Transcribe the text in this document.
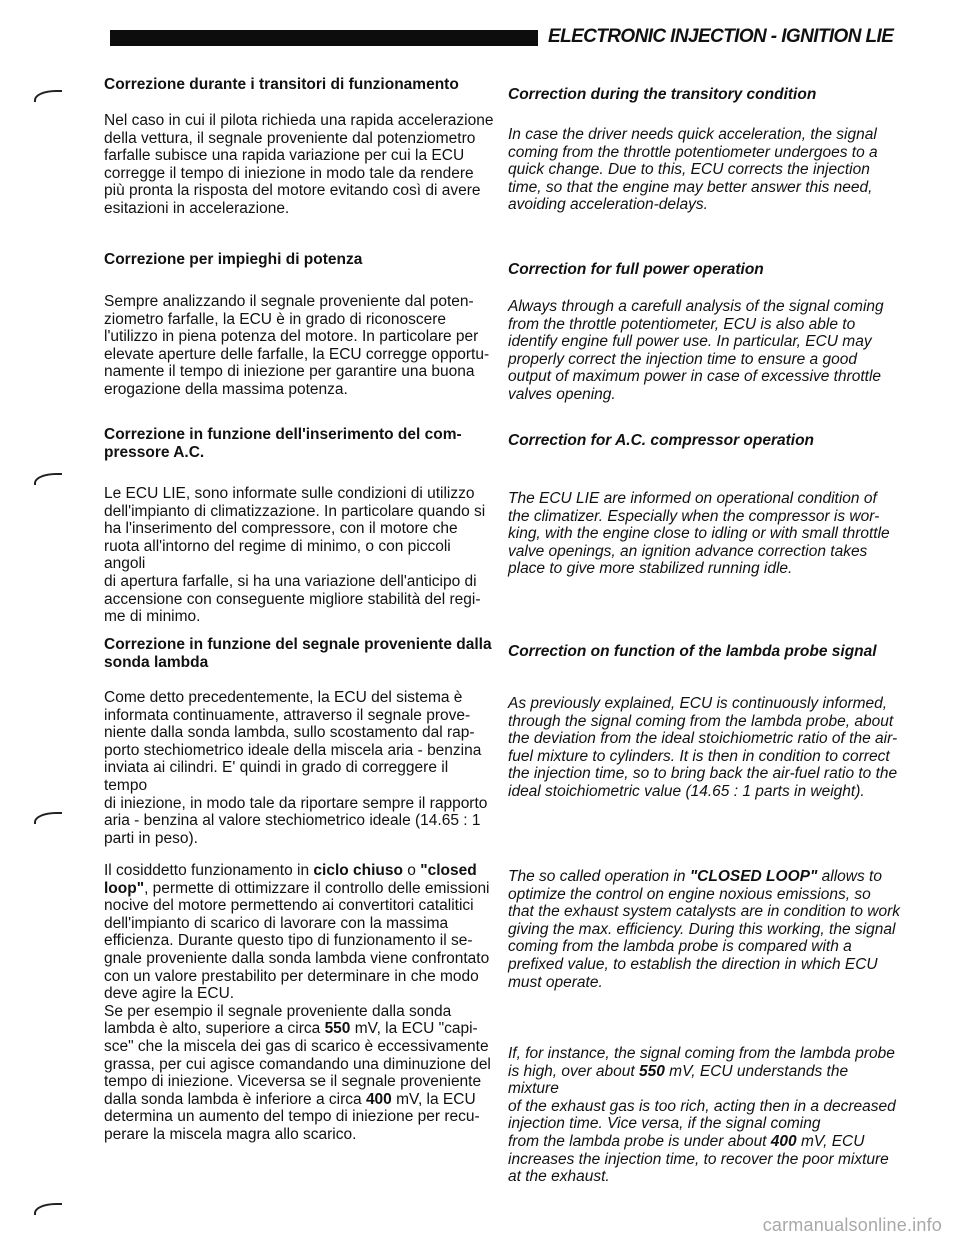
ELECTRONIC INJECTION - IGNITION LIE
Correzione durante i transitori di funzionamento

Nel caso in cui il pilota richieda una rapida accelerazione
della vettura, il segnale proveniente dal potenziometro
farfalle subisce una rapida variazione per cui la ECU
corregge il tempo di iniezione in modo tale da rendere
più pronta la risposta del motore evitando così di avere
esitazioni in accelerazione.

Correzione per impieghi di potenza

Sempre analizzando il segnale proveniente dal poten-
ziometro farfalle, la ECU è in grado di riconoscere
l'utilizzo in piena potenza del motore. In particolare per
elevate aperture delle farfalle, la ECU corregge opportu-
namente il tempo di iniezione per garantire una buona
erogazione della massima potenza.

Correzione in funzione dell'inserimento del com-
pressore A.C.

Le ECU LIE, sono informate sulle condizioni di utilizzo
dell'impianto di climatizzazione. In particolare quando si
ha l'inserimento del compressore, con il motore che
ruota all'intorno del regime di minimo, o con piccoli angoli
di apertura farfalle, si ha una variazione dell'anticipo di
accensione con conseguente migliore stabilità del regi-
me di minimo.

Correzione in funzione del segnale proveniente dalla
sonda lambda

Come detto precedentemente, la ECU del sistema è
informata continuamente, attraverso il segnale prove-
niente dalla sonda lambda, sullo scostamento dal rap-
porto stechiometrico ideale della miscela aria - benzina
inviata ai cilindri. E' quindi in grado di correggere il tempo
di iniezione, in modo tale da riportare sempre il rapporto
aria - benzina al valore stechiometrico ideale (14.65 : 1
parti in peso).

Il cosiddetto funzionamento in ciclo chiuso o "closed loop", permette di ottimizzare il controllo delle emissioni
nocive del motore permettendo ai convertitori catalitici
dell'impianto di scarico di lavorare con la massima
efficienza. Durante questo tipo di funzionamento il se-
gnale proveniente dalla sonda lambda viene confrontato
con un valore prestabilito per determinare in che modo
deve agire la ECU.
Se per esempio il segnale proveniente dalla sonda
lambda è alto, superiore a circa 550 mV, la ECU "capi-
sce" che la miscela dei gas di scarico è eccessivamente
grassa, per cui agisce comandando una diminuzione del
tempo di iniezione. Viceversa se il segnale proveniente
dalla sonda lambda è inferiore a circa 400 mV, la ECU
determina un aumento del tempo di iniezione per recu-
perare la miscela magra allo scarico.

Correction during the transitory condition

In case the driver needs quick acceleration, the signal
coming from the throttle potentiometer undergoes to a
quick change. Due to this, ECU corrects the injection
time, so that the engine may better answer this need,
avoiding acceleration-delays.

Correction for full power operation

Always through a carefull analysis of the signal coming
from the throttle potentiometer, ECU is also able to
identify engine full power use. In particular, ECU may
properly correct the injection time to ensure a good
output of maximum power in case of excessive throttle
valves opening.

Correction for A.C. compressor operation

The ECU LIE are informed on operational condition of
the climatizer. Especially when the compressor is wor-
king, with the engine close to idling or with small throttle
valve openings, an ignition advance correction takes
place to give more stabilized running idle.

Correction on function of the lambda probe signal

As previously explained, ECU is continuously informed,
through the signal coming from the lambda probe, about
the deviation from the ideal stoichiometric ratio of the air-
fuel mixture to cylinders. It is then in condition to correct
the injection time, so to bring back the air-fuel ratio to the
ideal stoichiometric value (14.65 : 1 parts in weight).

The so called operation in "CLOSED LOOP" allows to
optimize the control on engine noxious emissions, so
that the exhaust system catalysts are in condition to work
giving the max. efficiency. During this working, the signal
coming from the lambda probe is compared with a
prefixed value, to establish the direction in which ECU
must operate.

If, for instance, the signal coming from the lambda probe
is high, over about 550 mV, ECU understands the mixture
of the exhaust gas is too rich, acting then in a decreased
injection time. Vice versa, if the signal coming
from the lambda probe is under about 400 mV, ECU
increases the injection time, to recover the poor mixture
at the exhaust.

carmanualsonline.info
